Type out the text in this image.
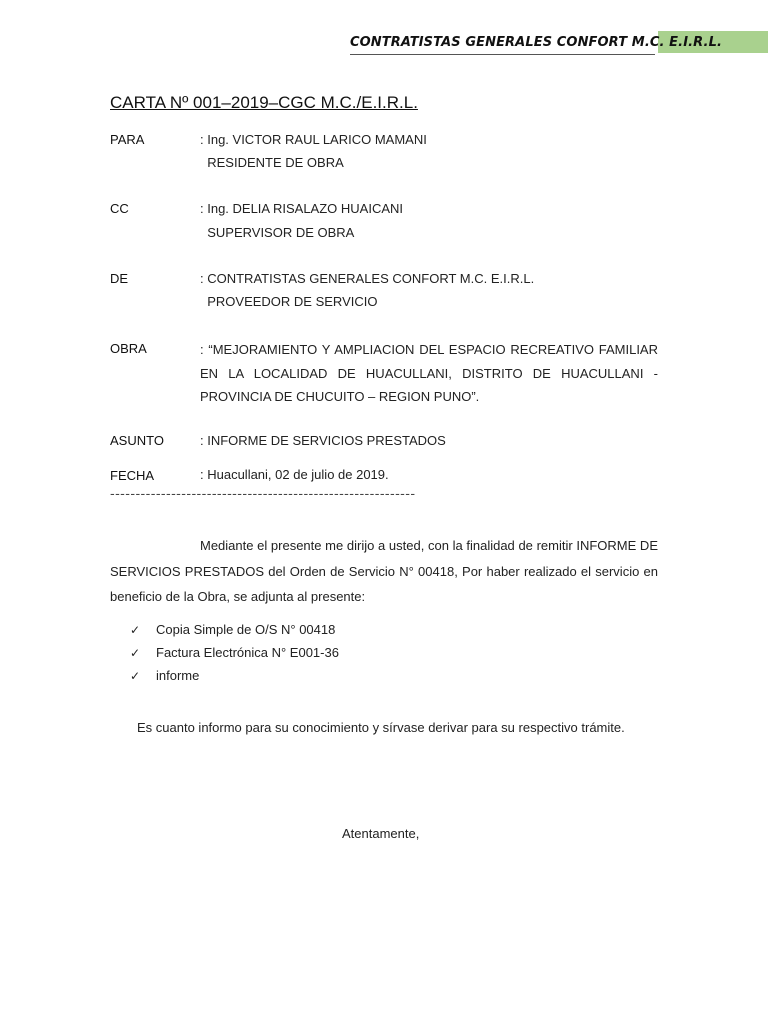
CONTRATISTAS GENERALES CONFORT M.C. E.I.R.L.
CARTA Nº 001–2019–CGC M.C./E.I.R.L.
PARA	: Ing. VICTOR RAUL LARICO MAMANI
RESIDENTE DE OBRA
CC	: Ing. DELIA RISALAZO HUAICANI
SUPERVISOR DE OBRA
DE	: CONTRATISTAS GENERALES CONFORT M.C. E.I.R.L.
PROVEEDOR DE SERVICIO
OBRA	: “MEJORAMIENTO Y AMPLIACION DEL ESPACIO RECREATIVO FAMILIAR EN LA LOCALIDAD DE HUACULLANI, DISTRITO DE HUACULLANI - PROVINCIA DE CHUCUITO – REGION PUNO”.
ASUNTO	: INFORME DE SERVICIOS PRESTADOS
FECHA	: Huacullani, 02 de julio de 2019.
------------------------------------------------------------
Mediante el presente me dirijo a usted, con la finalidad de remitir INFORME DE SERVICIOS PRESTADOS del Orden de Servicio N° 00418, Por haber realizado el servicio en beneficio de la Obra, se adjunta al presente:
✓ Copia Simple de O/S N° 00418
✓ Factura Electrónica N° E001-36
✓ informe
Es cuanto informo para su conocimiento y sírvase derivar para su respectivo trámite.
Atentamente,
